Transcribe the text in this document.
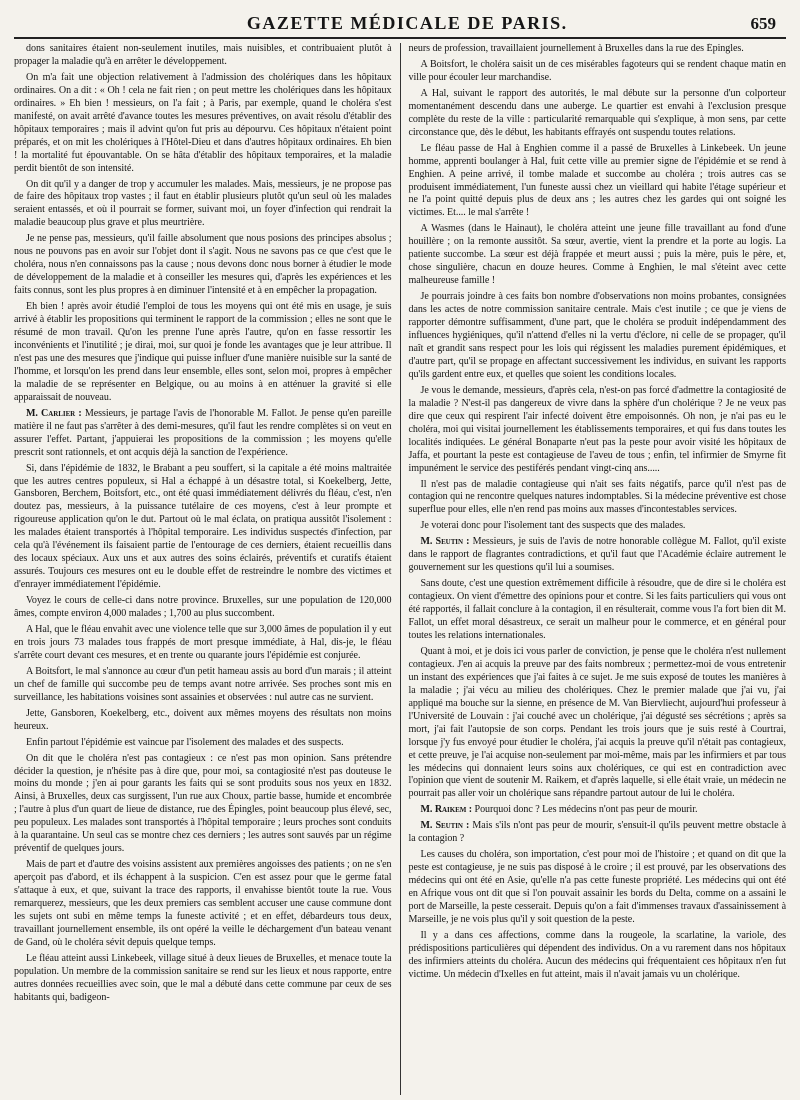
GAZETTE MÉDICALE DE PARIS.	659

dons sanitaires étaient non-seulement inutiles, mais nuisibles, et contribuaient plutôt à propager la maladie qu'à en arrêter le développement.

On m'a fait une objection relativement à l'admission des cholériques dans les hôpitaux ordinaires. On a dit : « Oh ! cela ne fait rien ; on peut mettre les cholériques dans les hôpitaux ordinaires. » Eh bien ! messieurs, on l'a fait ; à Paris, par exemple, quand le choléra s'est manifesté, on avait arrêté d'avance toutes les mesures préventives, on avait résolu d'établir des hôpitaux temporaires ; mais il advint qu'on fut pris au dépourvu. Ces hôpitaux n'étaient point préparés, et on mit les cholériques à l'Hôtel-Dieu et dans d'autres hôpitaux ordinaires. Eh bien ! la mortalité fut épouvantable. On se hâta d'établir des hôpitaux temporaires, et la maladie perdit bientôt de son intensité.

On dit qu'il y a danger de trop y accumuler les malades. Mais, messieurs, je ne propose pas de faire des hôpitaux trop vastes ; il faut en établir plusieurs plutôt qu'un seul où les malades seraient entassés, et où il pourrait se former, suivant moi, un foyer d'infection qui rendrait la maladie beaucoup plus grave et plus meurtrière.

Je ne pense pas, messieurs, qu'il faille absolument que nous posions des principes absolus ; nous ne pouvons pas en avoir sur l'objet dont il s'agit. Nous ne savons pas ce que c'est que le choléra, nous n'en connaissons pas la cause ; nous devons donc nous borner à étudier le mode de développement de la maladie et à conseiller les mesures qui, d'après les expériences et les faits connus, sont les plus propres à en diminuer l'intensité et à en empêcher la propagation.

Eh bien ! après avoir étudié l'emploi de tous les moyens qui ont été mis en usage, je suis arrivé à établir les propositions qui terminent le rapport de la commission ; elles ne sont que le résumé de mon travail. Qu'on les prenne l'une après l'autre, qu'on en fasse ressortir les inconvénients et l'inutilité ; je dirai, moi, sur quoi je fonde les avantages que je leur attribue. Il n'est pas une des mesures que j'indique qui puisse influer d'une manière nuisible sur la santé de l'homme, et lorsqu'on les prend dans leur ensemble, elles sont, selon moi, propres à empêcher la maladie de se représenter en Belgique, ou au moins à en atténuer la gravité si elle apparaissait de nouveau.

M. Carlier : Messieurs, je partage l'avis de l'honorable M. Fallot. Je pense qu'en pareille matière il ne faut pas s'arrêter à des demi-mesures, qu'il faut les rendre complètes si on veut en assurer l'effet. Partant, j'appuierai les propositions de la commission ; les moyens qu'elle prescrit sont rationnels, et ont acquis déjà la sanction de l'expérience.

Si, dans l'épidémie de 1832, le Brabant a peu souffert, si la capitale a été moins maltraitée que les autres centres populeux, si Hal a échappé à un désastre total, si Koekelberg, Jette, Gansboren, Berchem, Boitsfort, etc., ont été quasi immédiatement délivrés du fléau, c'est, n'en doutez pas, messieurs, à la puissance tutélaire de ces moyens, c'est à leur prompte et rigoureuse application qu'on le dut. Partout où le mal éclata, on pratiqua aussitôt l'isolement : les malades étaient transportés à l'hôpital temporaire. Les individus suspectés d'infection, par cela qu'à l'événement ils faisaient partie de l'entourage de ces derniers, étaient recueillis dans des locaux spéciaux. Aux uns et aux autres des soins éclairés, préventifs et curatifs étaient assurés. Toujours ces mesures ont eu le double effet de restreindre le nombre des victimes et d'enrayer immédiatement l'épidémie.

Voyez le cours de celle-ci dans notre province. Bruxelles, sur une population de 120,000 âmes, compte environ 4,000 malades ; 1,700 au plus succombent.

A Hal, que le fléau envahit avec une violence telle que sur 3,000 âmes de population il y eut en trois jours 73 malades tous frappés de mort presque immédiate, à Hal, dis-je, le fléau s'arrête court devant ces mesures, et en trente ou quarante jours l'épidémie est conjurée.

A Boitsfort, le mal s'annonce au cœur d'un petit hameau assis au bord d'un marais ; il atteint un chef de famille qui succombe peu de temps avant notre arrivée. Ses proches sont mis en surveillance, les habitations voisines sont assainies et observées : nul autre cas ne survient.

Jette, Gansboren, Koekelberg, etc., doivent aux mêmes moyens des résultats non moins heureux.

Enfin partout l'épidémie est vaincue par l'isolement des malades et des suspects.

On dit que le choléra n'est pas contagieux : ce n'est pas mon opinion. Sans prétendre décider la question, je n'hésite pas à dire que, pour moi, sa contagiosité n'est pas douteuse le moins du monde ; j'en ai pour garants les faits qui se sont produits sous nos yeux en 1832. Ainsi, à Bruxelles, deux cas surgissent, l'un rue aux Choux, partie basse, humide et encombrée ; l'autre à plus d'un quart de lieue de distance, rue des Épingles, point beaucoup plus élevé, sec, peu populeux. Les malades sont transportés à l'hôpital temporaire ; leurs proches sont conduits à la quarantaine. Un seul cas se montre chez ces derniers ; les autres sont sauvés par un régime préventif de quelques jours.

Mais de part et d'autre des voisins assistent aux premières angoisses des patients ; on ne s'en aperçoit pas d'abord, et ils échappent à la suspicion. C'en est assez pour que le germe fatal s'attaque à eux, et que, suivant la trace des rapports, il envahisse bientôt toute la rue. Vous remarquerez, messieurs, que les deux premiers cas semblent accuser une cause commune dont les sujets ont subi en même temps la funeste activité ; et en effet, débardeurs tous deux, travaillant journellement ensemble, ils ont opéré la veille le déchargement d'un bateau venant de Gand, où le choléra sévit depuis quelque temps.

Le fléau atteint aussi Linkebeek, village situé à deux lieues de Bruxelles, et menace toute la population. Un membre de la commission sanitaire se rend sur les lieux et nous rapporte, entre autres données recueillies avec soin, que le mal a débuté dans cette commune par ceux de ses habitants qui, badigeon-

neurs de profession, travaillaient journellement à Bruxelles dans la rue des Épingles.

A Boitsfort, le choléra saisit un de ces misérables fagoteurs qui se rendent chaque matin en ville pour écouler leur marchandise.

A Hal, suivant le rapport des autorités, le mal débute sur la personne d'un colporteur momentanément descendu dans une auberge. Le quartier est envahi à l'exclusion presque complète du reste de la ville : particularité remarquable qui s'explique, à mon sens, par cette circonstance que, dès le début, les habitants effrayés ont suspendu toutes relations.

Le fléau passe de Hal à Enghien comme il a passé de Bruxelles à Linkebeek. Un jeune homme, apprenti boulanger à Hal, fuit cette ville au premier signe de l'épidémie et se rend à Enghien. A peine arrivé, il tombe malade et succombe au choléra ; trois autres cas se produisent immédiatement, l'un funeste aussi chez un vieillard qui habite l'étage supérieur et ne l'a point quitté depuis plus de deux ans ; les autres chez les gardes qui ont soigné les victimes. Et.... le mal s'arrête !

A Wasmes (dans le Hainaut), le choléra atteint une jeune fille travaillant au fond d'une houillère ; on la remonte aussitôt. Sa sœur, avertie, vient la prendre et la porte au logis. La patiente succombe. La sœur est déjà frappée et meurt aussi ; puis la mère, puis le père, et, chose singulière, chacun en douze heures. Comme à Enghien, le mal s'éteint avec cette malheureuse famille !

Je pourrais joindre à ces faits bon nombre d'observations non moins probantes, consignées dans les actes de notre commission sanitaire centrale. Mais c'est inutile ; ce que je viens de rapporter démontre suffisamment, d'une part, que le choléra se produit indépendamment des influences hygiéniques, qu'il n'attend d'elles ni la vertu d'éclore, ni celle de se propager, qu'il naît et grandit sans respect pour les lois qui régissent les maladies purement épidémiques, et d'autre part, qu'il se propage en affectant successivement les individus, en suivant les rapports qu'ils gardent entre eux, et quelles que soient les conditions locales.

Je vous le demande, messieurs, d'après cela, n'est-on pas forcé d'admettre la contagiosité de la maladie ? N'est-il pas dangereux de vivre dans la sphère d'un cholérique ? Je ne veux pas dire que ceux qui respirent l'air infecté doivent être empoisonnés. Oh non, je n'ai pas eu le choléra, moi qui visitai journellement les établissements temporaires, et qui fus dans toutes les localités indiquées. Le général Bonaparte n'eut pas la peste pour avoir visité les hôpitaux de Jaffa, et pourtant la peste est contagieuse de l'aveu de tous ; enfin, tel infirmier de Smyrne fit impunément le service des pestiférés pendant vingt-cinq ans.....

Il n'est pas de maladie contagieuse qui n'ait ses faits négatifs, parce qu'il n'est pas de contagion qui ne rencontre quelques natures indomptables. Si la médecine préventive est chose superflue pour elles, elle n'en rend pas moins aux masses d'incontestables services.

Je voterai donc pour l'isolement tant des suspects que des malades.

M. Seutin : Messieurs, je suis de l'avis de notre honorable collègue M. Fallot, qu'il existe dans le rapport de flagrantes contradictions, et qu'il faut que l'Académie éclaire autrement le gouvernement sur les questions qu'il lui a soumises.

Sans doute, c'est une question extrêmement difficile à résoudre, que de dire si le choléra est contagieux. On vient d'émettre des opinions pour et contre. Si les faits particuliers qui vous ont été rapportés, il fallait conclure à la contagion, il en résulterait, comme vous l'a fort bien dit M. Fallot, un effet moral désastreux, ce serait un malheur pour le commerce, et en général pour toutes les relations internationales.

Quant à moi, et je dois ici vous parler de conviction, je pense que le choléra n'est nullement contagieux. J'en ai acquis la preuve par des faits nombreux ; permettez-moi de vous entretenir un instant des expériences que j'ai faites à ce sujet. Je me suis exposé de toutes les manières à la maladie ; j'ai vécu au milieu des cholériques. Chez le premier malade que j'ai vu, j'ai appliqué ma bouche sur la sienne, en présence de M. Van Biervliecht, aujourd'hui professeur à l'Université de Louvain : j'ai couché avec un cholérique, j'ai dégusté ses sécrétions ; après sa mort, j'ai fait l'autopsie de son corps. Pendant les trois jours que je suis resté à Courtrai, lorsque j'y fus envoyé pour étudier le choléra, j'ai acquis la preuve qu'il n'était pas contagieux, et cette preuve, je l'ai acquise non-seulement par moi-même, mais par les infirmiers et par tous les médecins qui donnaient leurs soins aux cholériques, ce qui est en contradiction avec l'opinion que vient de soutenir M. Raikem, et d'après laquelle, si elle était vraie, un médecin ne pourrait pas aller voir un cholérique sans répandre partout autour de lui le choléra.

M. Raikem : Pourquoi donc ? Les médecins n'ont pas peur de mourir.

M. Seutin : Mais s'ils n'ont pas peur de mourir, s'ensuit-il qu'ils peuvent mettre obstacle à la contagion ?

Les causes du choléra, son importation, c'est pour moi de l'histoire ; et quand on dit que la peste est contagieuse, je ne suis pas disposé à le croire ; il est prouvé, par les observations des médecins qui ont été en Asie, qu'elle n'a pas cette funeste propriété. Les médecins qui ont été en Afrique vous ont dit que si l'on pouvait assainir les bords du Delta, comme on a assaini le port de Marseille, la peste cesserait. Depuis qu'on a fait d'immenses travaux d'assainissement à Marseille, je ne vois plus qu'il y soit question de la peste.

Il y a dans ces affections, comme dans la rougeole, la scarlatine, la variole, des prédispositions particulières qui dépendent des individus. On a vu rarement dans nos hôpitaux des infirmiers atteints du choléra. Aucun des médecins qui fréquentaient ces hôpitaux n'en fut victime. Un médecin d'Ixelles en fut atteint, mais il n'avait jamais vu un cholérique.
